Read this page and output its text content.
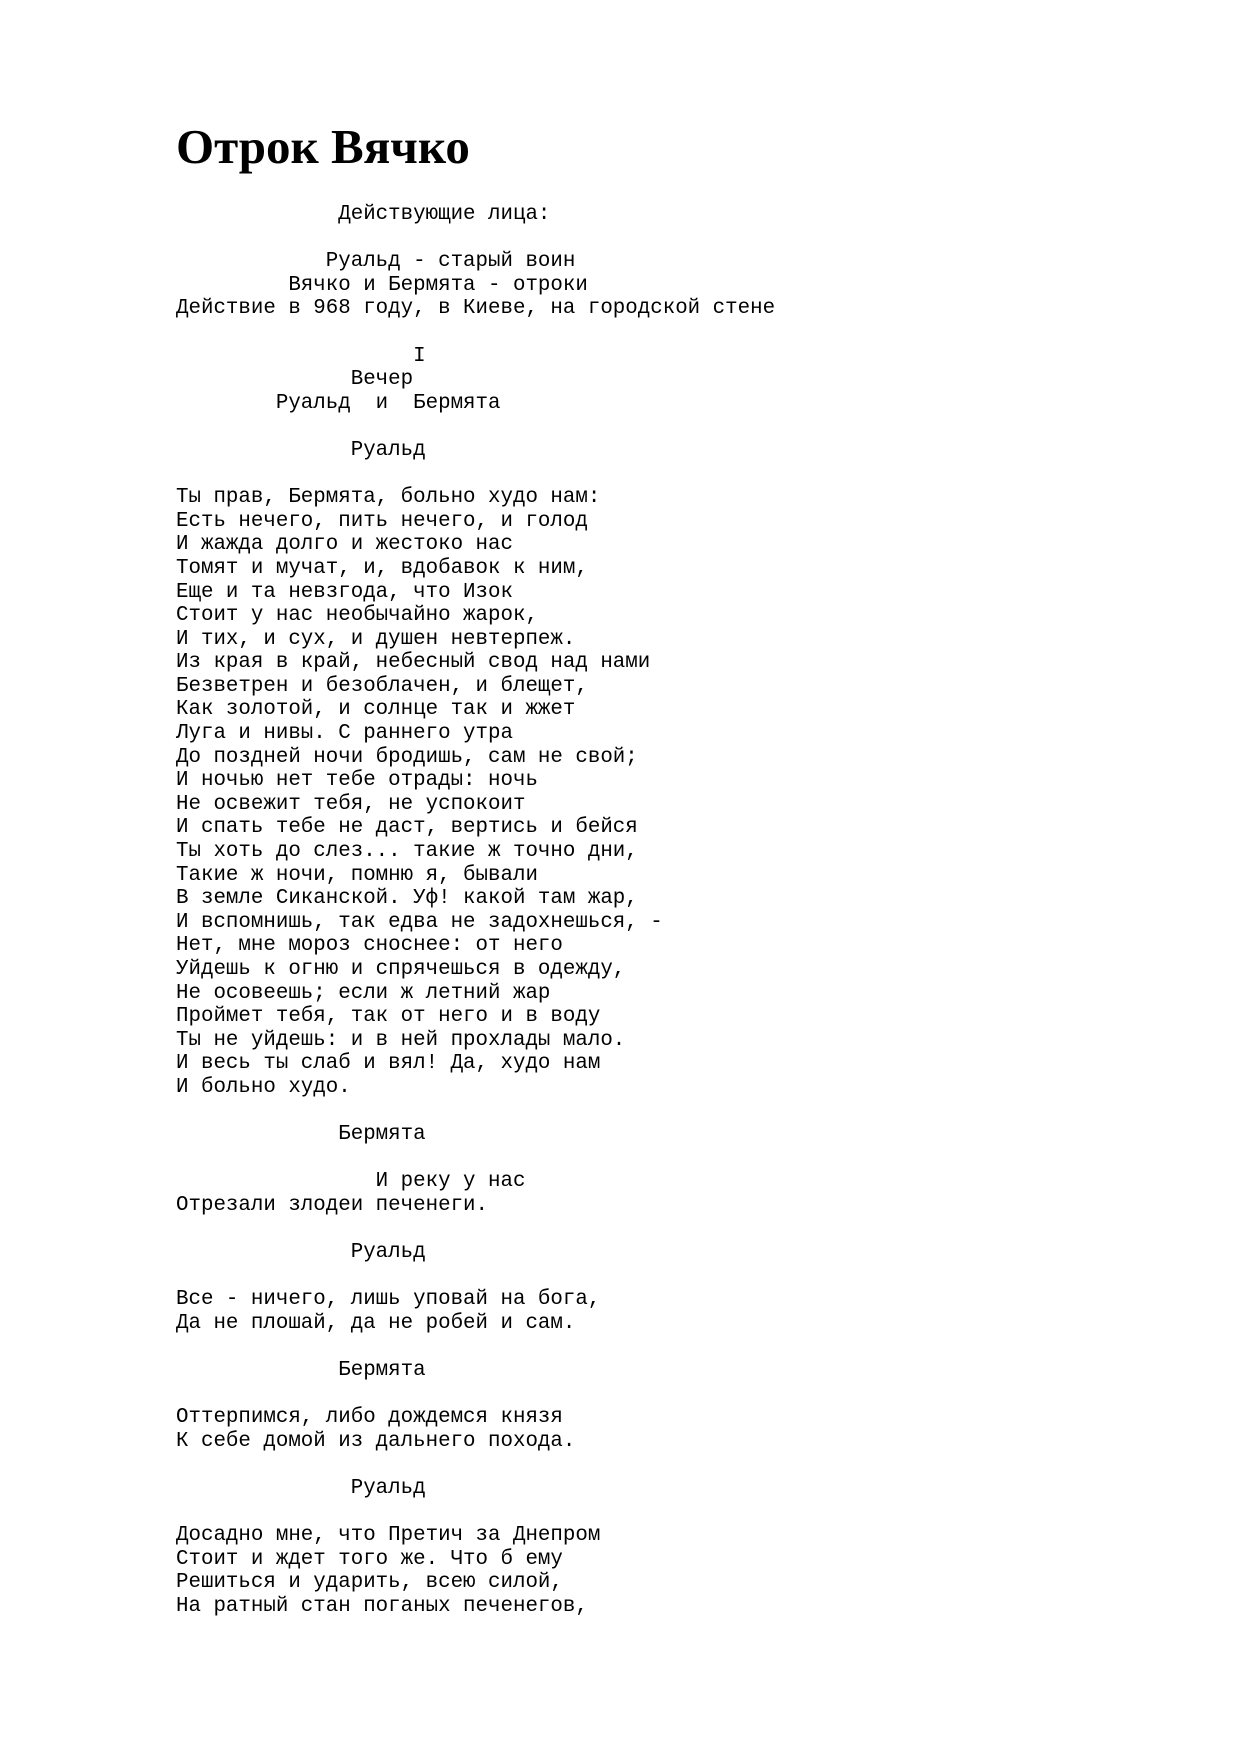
Отрок Вячко
Действующие лица:
Руальд - старый воин
Вячко и Бермята - отроки
Действие в 968 году, в Киеве, на городской стене
I
Вечер
Руальд  и  Бермята
Руальд
Ты прав, Бермята, больно худо нам:
Есть нечего, пить нечего, и голод
И жажда долго и жестоко нас
Томят и мучат, и, вдобавок к ним,
Еще и та невзгода, что Изок
Стоит у нас необычайно жарок,
И тих, и сух, и душен невтерпеж.
Из края в край, небесный свод над нами
Безветрен и безоблачен, и блещет,
Как золотой, и солнце так и жжет
Луга и нивы. С раннего утра
До поздней ночи бродишь, сам не свой;
И ночью нет тебе отрады: ночь
Не освежит тебя, не успокоит
И спать тебе не даст, вертись и бейся
Ты хоть до слез... такие ж точно дни,
Такие ж ночи, помню я, бывали
В земле Сиканской. Уф! какой там жар,
И вспомнишь, так едва не задохнешься, -
Нет, мне мороз сноснее: от него
Уйдешь к огню и спрячешься в одежду,
Не осовеешь; если ж летний жар
Проймет тебя, так от него и в воду
Ты не уйдешь: и в ней прохлады мало.
И весь ты слаб и вял! Да, худо нам
И больно худо.
Бермята
И реку у нас
Отрезали злодеи печенеги.
Руальд
Все - ничего, лишь уповай на бога,
Да не плошай, да не робей и сам.
Бермята
Оттерпимся, либо дождемся князя
К себе домой из дальнего похода.
Руальд
Досадно мне, что Претич за Днепром
Стоит и ждет того же. Что б ему
Решиться и ударить, всею силой,
На ратный стан поганых печенегов,
